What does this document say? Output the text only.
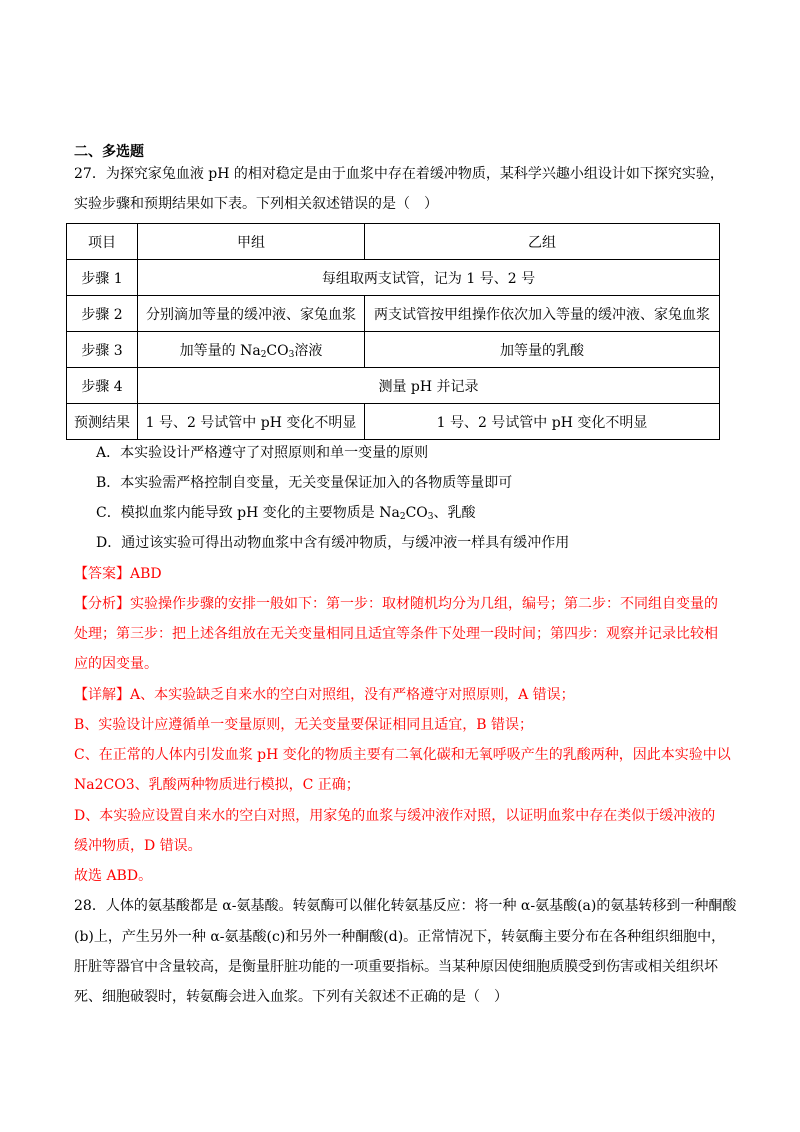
二、多选题
27．为探究家兔血液 pH 的相对稳定是由于血浆中存在着缓冲物质，某科学兴趣小组设计如下探究实验，
实验步骤和预期结果如下表。下列相关叙述错误的是（　）
项目	甲组	乙组
步骤 1	每组取两支试管，记为 1 号、2 号	
步骤 2	分别滴加等量的缓冲液、家兔血浆	两支试管按甲组操作依次加入等量的缓冲液、家兔血浆
步骤 3	加等量的 $Na_2CO_3$溶液	加等量的乳酸
步骤 4	测量 pH 并记录	
预测结果	1 号、2 号试管中 pH 变化不明显	1 号、2 号试管中 pH 变化不明显
A．本实验设计严格遵守了对照原则和单一变量的原则
B．本实验需严格控制自变量，无关变量保证加入的各物质等量即可
C．模拟血浆内能导致 pH 变化的主要物质是 $Na_2CO_3$、乳酸
D．通过该实验可得出动物血浆中含有缓冲物质，与缓冲液一样具有缓冲作用
【答案】ABD
【分析】实验操作步骤的安排一般如下：第一步：取材随机均分为几组，编号；第二步：不同组自变量的
处理；第三步：把上述各组放在无关变量相同且适宜等条件下处理一段时间；第四步：观察并记录比较相
应的因变量。
【详解】A、本实验缺乏自来水的空白对照组，没有严格遵守对照原则，A 错误；
B、实验设计应遵循单一变量原则，无关变量要保证相同且适宜，B 错误；
C、在正常的人体内引发血浆 pH 变化的物质主要有二氧化碳和无氧呼吸产生的乳酸两种，因此本实验中以
Na2CO3、乳酸两种物质进行模拟，C 正确；
D、本实验应设置自来水的空白对照，用家兔的血浆与缓冲液作对照，以证明血浆中存在类似于缓冲液的
缓冲物质，D 错误。
故选 ABD。
28．人体的氨基酸都是 α-氨基酸。转氨酶可以催化转氨基反应：将一种 α-氨基酸(a)的氨基转移到一种酮酸
(b)上，产生另外一种 α-氨基酸(c)和另外一种酮酸(d)。正常情况下，转氨酶主要分布在各种组织细胞中，
肝脏等器官中含量较高，是衡量肝脏功能的一项重要指标。当某种原因使细胞质膜受到伤害或相关组织坏
死、细胞破裂时，转氨酶会进入血浆。下列有关叙述不正确的是（　）
